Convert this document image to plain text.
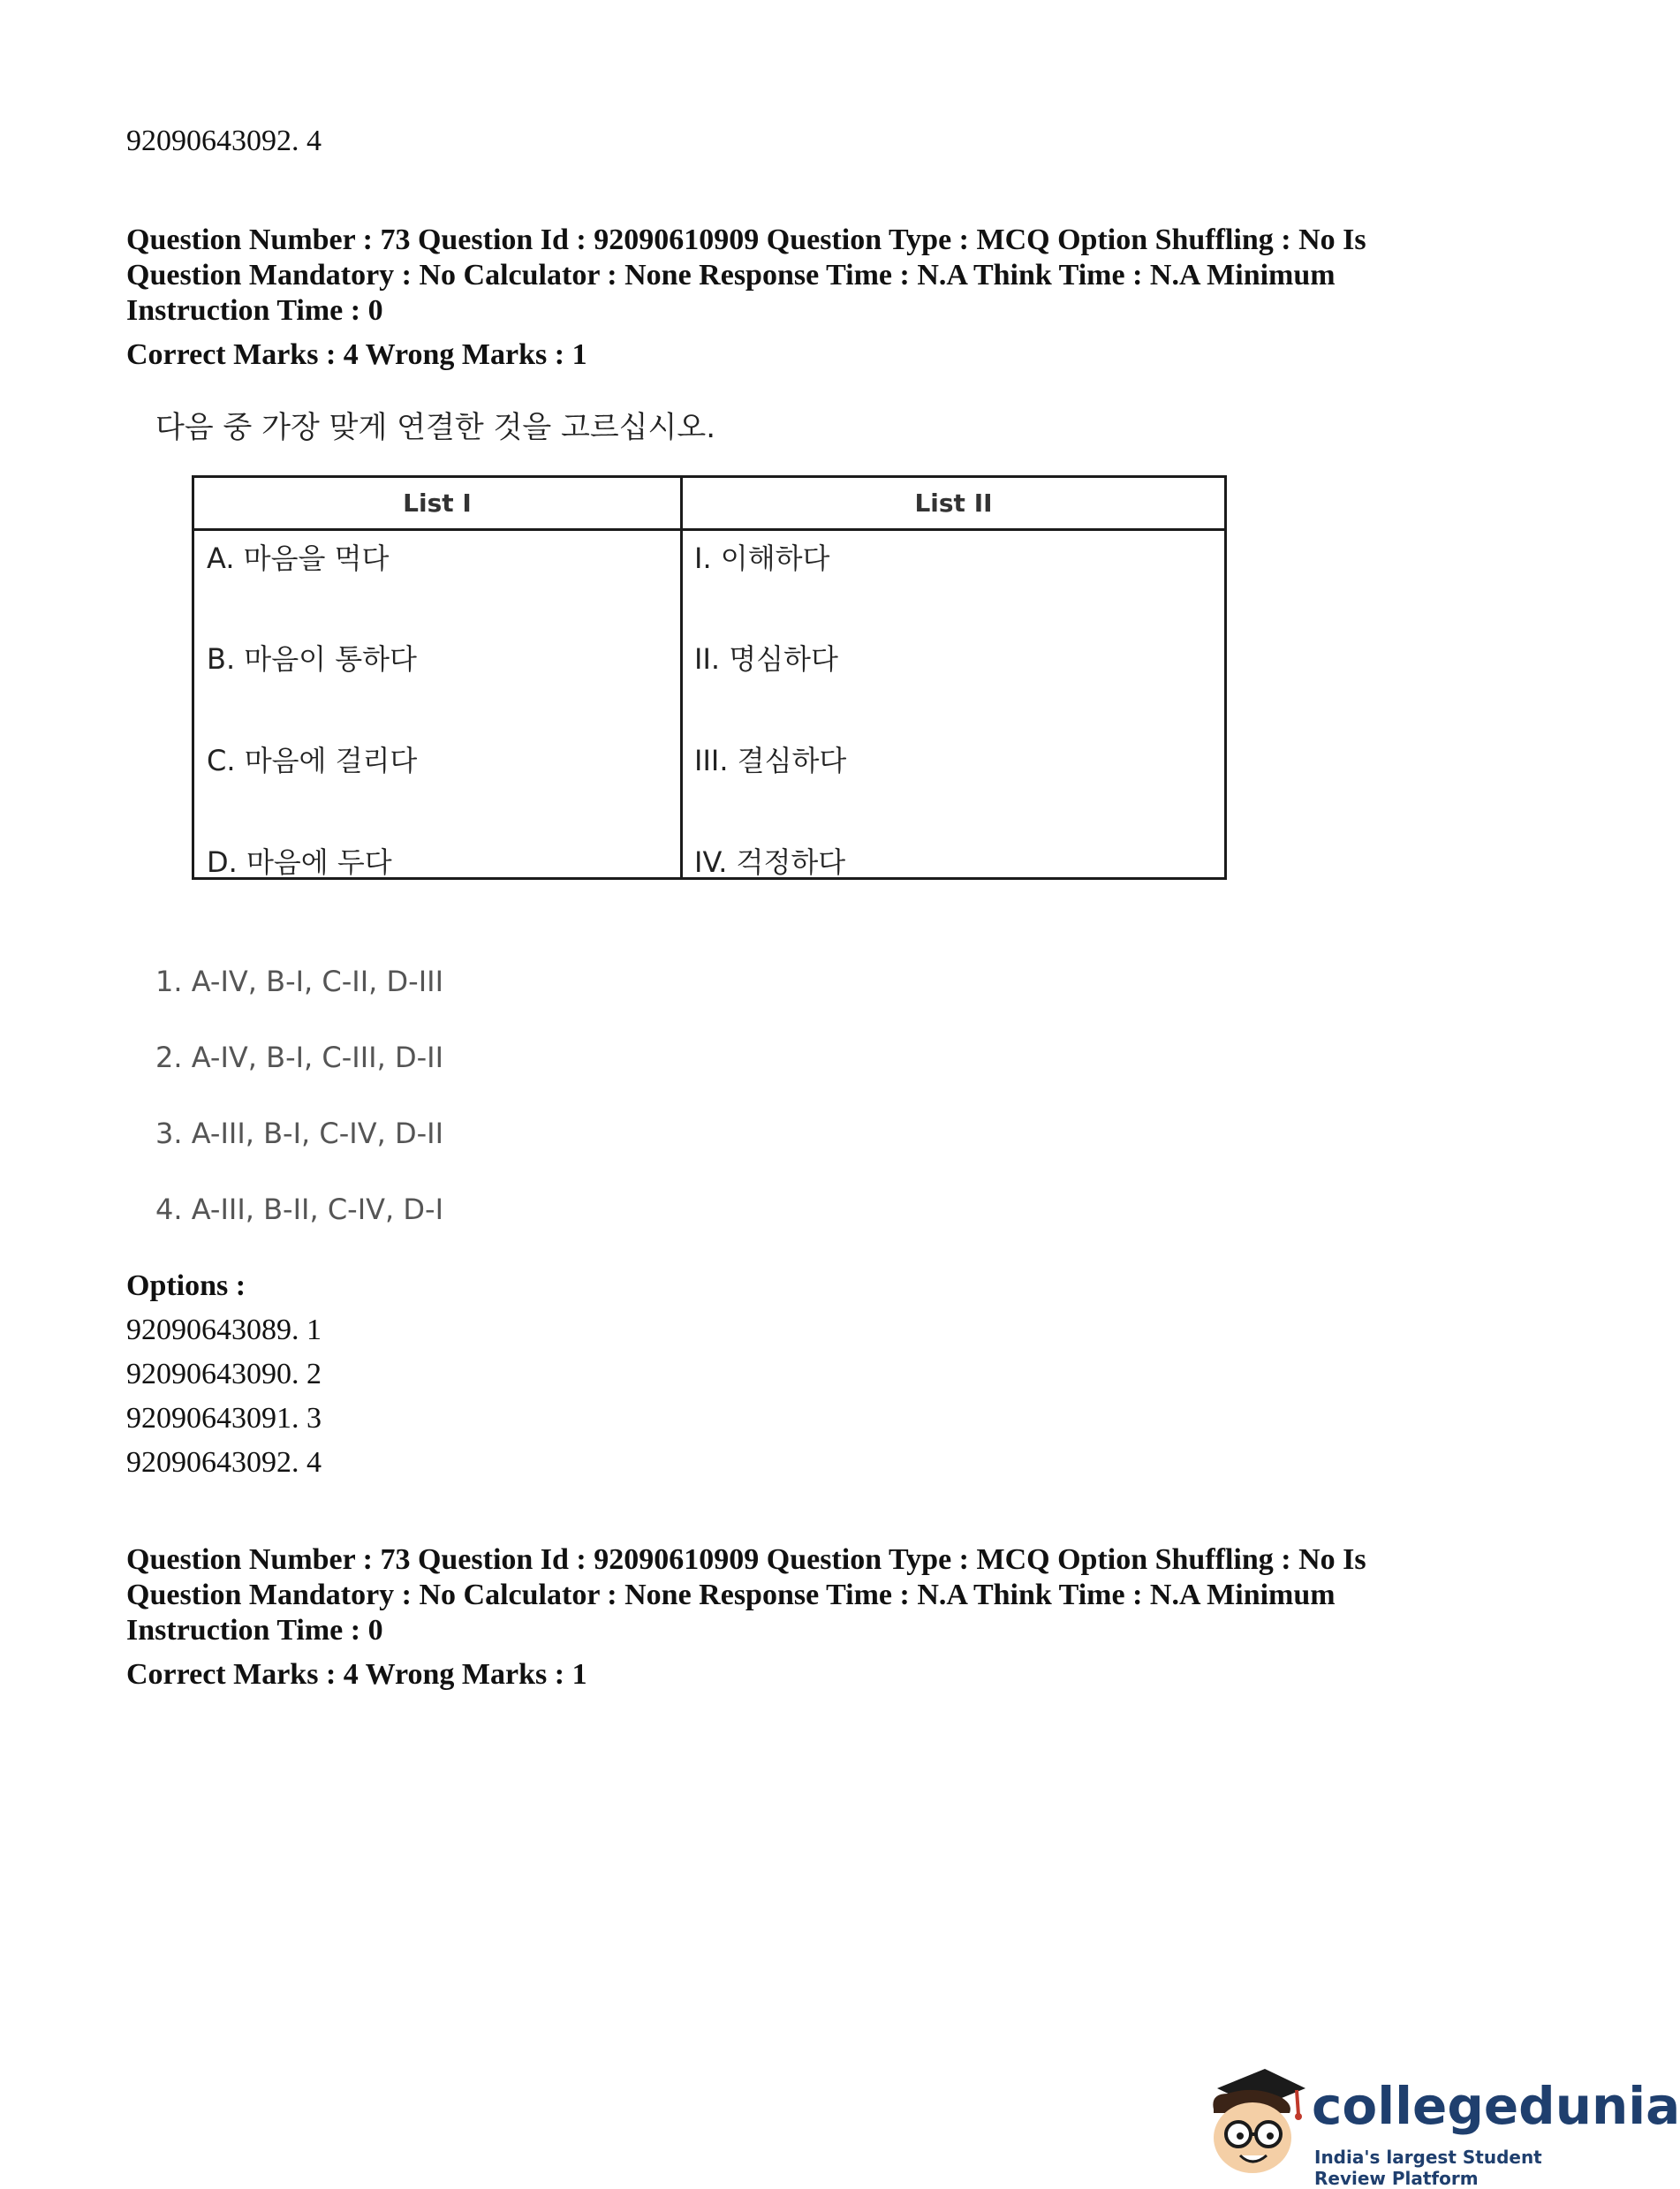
92090643092. 4
Question Number : 73 Question Id : 92090610909 Question Type : MCQ Option Shuffling : No Is
Question Mandatory : No Calculator : None Response Time : N.A Think Time : N.A Minimum
Instruction Time : 0
Correct Marks : 4 Wrong Marks : 1
다음 중 가장 맞게 연결한 것을 고르십시오.
List I	List II
A. 마음을 먹다
B. 마음이 통하다
C. 마음에 걸리다
D. 마음에 두다
I. 이해하다
II. 명심하다
III. 결심하다
IV. 걱정하다
1. A-IV, B-I, C-II, D-III
2. A-IV, B-I, C-III, D-II
3. A-III, B-I, C-IV, D-II
4. A-III, B-II, C-IV, D-I
Options :
92090643089. 1
92090643090. 2
92090643091. 3
92090643092. 4
Question Number : 73 Question Id : 92090610909 Question Type : MCQ Option Shuffling : No Is
Question Mandatory : No Calculator : None Response Time : N.A Think Time : N.A Minimum
Instruction Time : 0
Correct Marks : 4 Wrong Marks : 1
collegedunia
India's largest Student Review Platform
